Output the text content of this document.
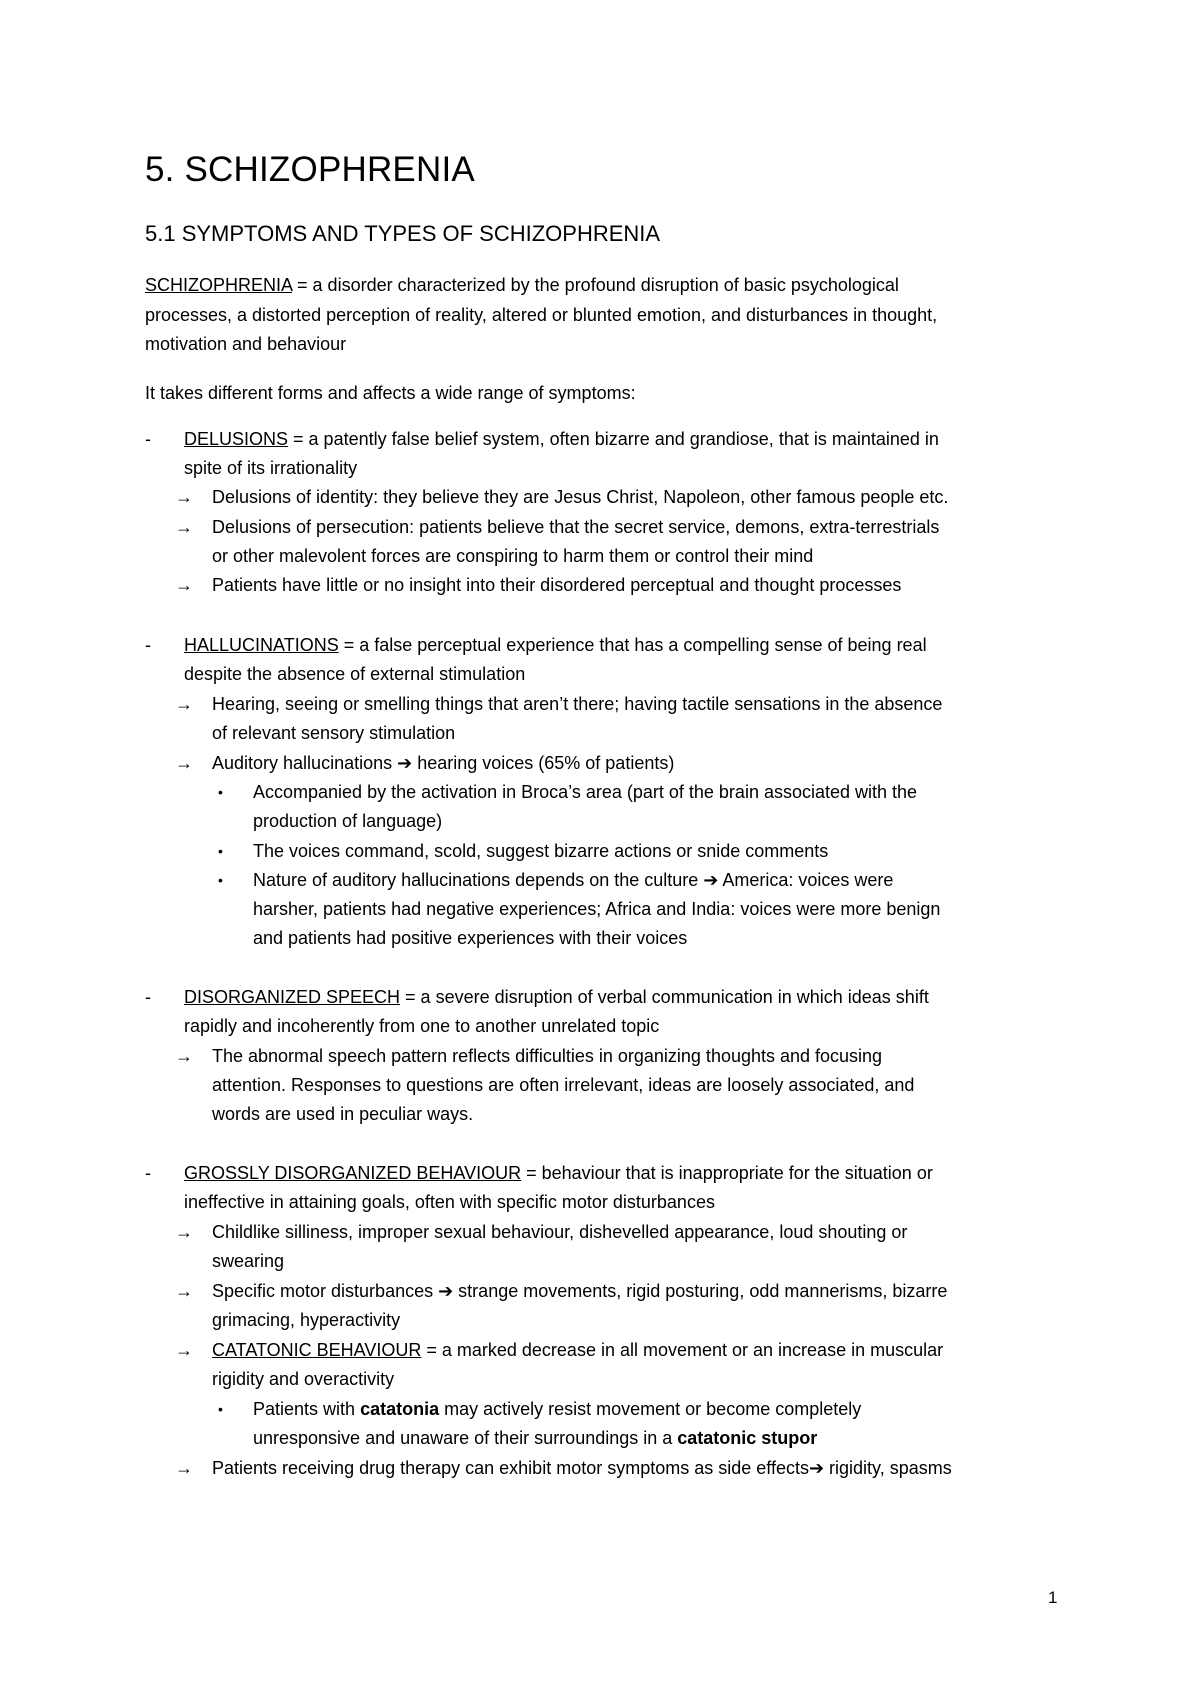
5. SCHIZOPHRENIA
5.1 SYMPTOMS AND TYPES OF SCHIZOPHRENIA
SCHIZOPHRENIA = a disorder characterized by the profound disruption of basic psychological
processes, a distorted perception of reality, altered or blunted emotion, and disturbances in thought,
motivation and behaviour
It takes different forms and affects a wide range of symptoms:
- DELUSIONS = a patently false belief system, often bizarre and grandiose, that is maintained in
spite of its irrationality
→ Delusions of identity: they believe they are Jesus Christ, Napoleon, other famous people etc.
→ Delusions of persecution: patients believe that the secret service, demons, extra-terrestrials
or other malevolent forces are conspiring to harm them or control their mind
→ Patients have little or no insight into their disordered perceptual and thought processes
- HALLUCINATIONS = a false perceptual experience that has a compelling sense of being real
despite the absence of external stimulation
→ Hearing, seeing or smelling things that aren’t there; having tactile sensations in the absence
of relevant sensory stimulation
→ Auditory hallucinations ➔ hearing voices (65% of patients)
• Accompanied by the activation in Broca’s area (part of the brain associated with the
production of language)
• The voices command, scold, suggest bizarre actions or snide comments
• Nature of auditory hallucinations depends on the culture ➔ America: voices were
harsher, patients had negative experiences; Africa and India: voices were more benign
and patients had positive experiences with their voices
- DISORGANIZED SPEECH = a severe disruption of verbal communication in which ideas shift
rapidly and incoherently from one to another unrelated topic
→ The abnormal speech pattern reflects difficulties in organizing thoughts and focusing
attention. Responses to questions are often irrelevant, ideas are loosely associated, and
words are used in peculiar ways.
- GROSSLY DISORGANIZED BEHAVIOUR = behaviour that is inappropriate for the situation or
ineffective in attaining goals, often with specific motor disturbances
→ Childlike silliness, improper sexual behaviour, dishevelled appearance, loud shouting or
swearing
→ Specific motor disturbances ➔ strange movements, rigid posturing, odd mannerisms, bizarre
grimacing, hyperactivity
→ CATATONIC BEHAVIOUR = a marked decrease in all movement or an increase in muscular
rigidity and overactivity
• Patients with catatonia may actively resist movement or become completely
unresponsive and unaware of their surroundings in a catatonic stupor
→ Patients receiving drug therapy can exhibit motor symptoms as side effects➔ rigidity, spasms
1
